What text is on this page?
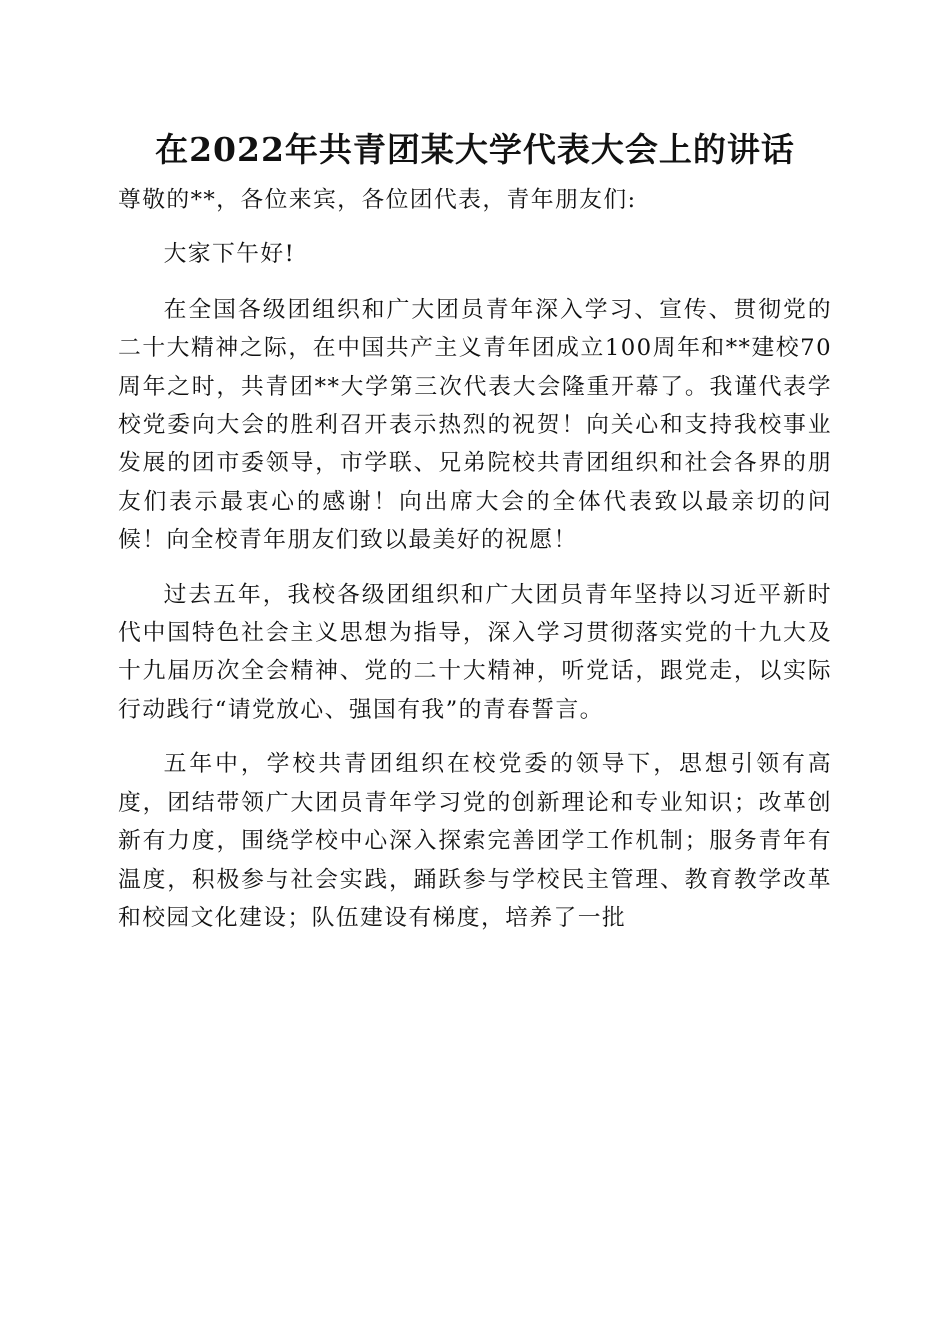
在2022年共青团某大学代表大会上的讲话

尊敬的**，各位来宾，各位团代表，青年朋友们:

大家下午好!

在全国各级团组织和广大团员青年深入学习、宣传、贯彻党的二十大精神之际，在中国共产主义青年团成立100周年和**建校70周年之时，共青团**大学第三次代表大会隆重开幕了。我谨代表学校党委向大会的胜利召开表示热烈的祝贺！向关心和支持我校事业发展的团市委领导，市学联、兄弟院校共青团组织和社会各界的朋友们表示最衷心的感谢！向出席大会的全体代表致以最亲切的问候！向全校青年朋友们致以最美好的祝愿！

过去五年，我校各级团组织和广大团员青年坚持以习近平新时代中国特色社会主义思想为指导，深入学习贯彻落实党的十九大及十九届历次全会精神、党的二十大精神，听党话，跟党走，以实际行动践行“请党放心、强国有我”的青春誓言。

五年中，学校共青团组织在校党委的领导下，思想引领有高度，团结带领广大团员青年学习党的创新理论和专业知识；改革创新有力度，围绕学校中心深入探索完善团学工作机制；服务青年有温度，积极参与社会实践，踊跃参与学校民主管理、教育教学改革和校园文化建设；队伍建设有梯度，培养了一批
